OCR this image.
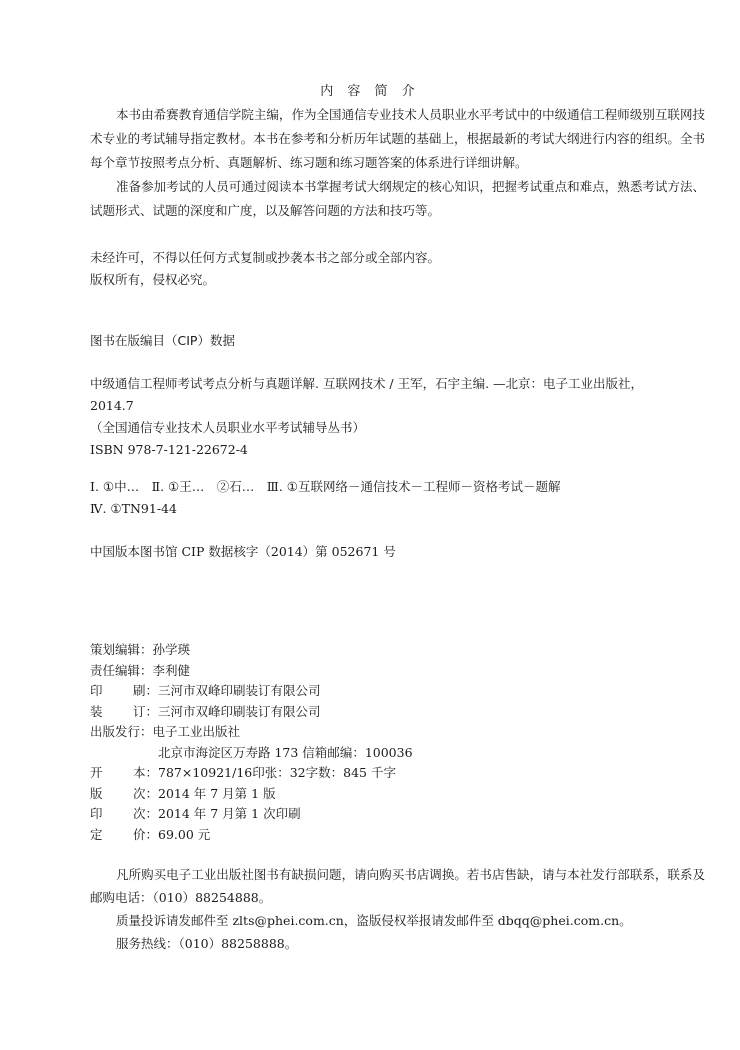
内 容 简 介

本书由希赛教育通信学院主编，作为全国通信专业技术人员职业水平考试中的中级通信工程师级别互联网技术专业的考试辅导指定教材。本书在参考和分析历年试题的基础上，根据最新的考试大纲进行内容的组织。全书每个章节按照考点分析、真题解析、练习题和练习题答案的体系进行详细讲解。

准备参加考试的人员可通过阅读本书掌握考试大纲规定的核心知识，把握考试重点和难点，熟悉考试方法、试题形式、试题的深度和广度，以及解答问题的方法和技巧等。

未经许可，不得以任何方式复制或抄袭本书之部分或全部内容。

版权所有，侵权必究。

图书在版编目（CIP）数据

中级通信工程师考试考点分析与真题详解. 互联网技术 / 王军，石宇主编. —北京：电子工业出版社，

2014.7

（全国通信专业技术人员职业水平考试辅导丛书）

ISBN 978-7-121-22672-4

Ⅰ. ①中…　Ⅱ. ①王…　②石…　Ⅲ. ①互联网络－通信技术－工程师－资格考试－题解

Ⅳ. ①TN91-44

中国版本图书馆 CIP 数据核字（2014）第 052671 号
策划编辑： 孙学瑛
责任编辑： 李利健
印 刷： 三河市双峰印刷装订有限公司
装 订： 三河市双峰印刷装订有限公司
出版发行： 电子工业出版社
北京市海淀区万寿路 173 信箱 邮编：100036
开 本： 787×1092 1/16 印张：32 字数：845 千字
版 次： 2014 年 7 月第 1 版
印 次： 2014 年 7 月第 1 次印刷
定 价： 69.00 元

凡所购买电子工业出版社图书有缺损问题，请向购买书店调换。若书店售缺，请与本社发行部联系，联系及邮购电话：（010）88254888。

质量投诉请发邮件至 zlts@phei.com.cn，盗版侵权举报请发邮件至 dbqq@phei.com.cn。

服务热线：（010）88258888。
